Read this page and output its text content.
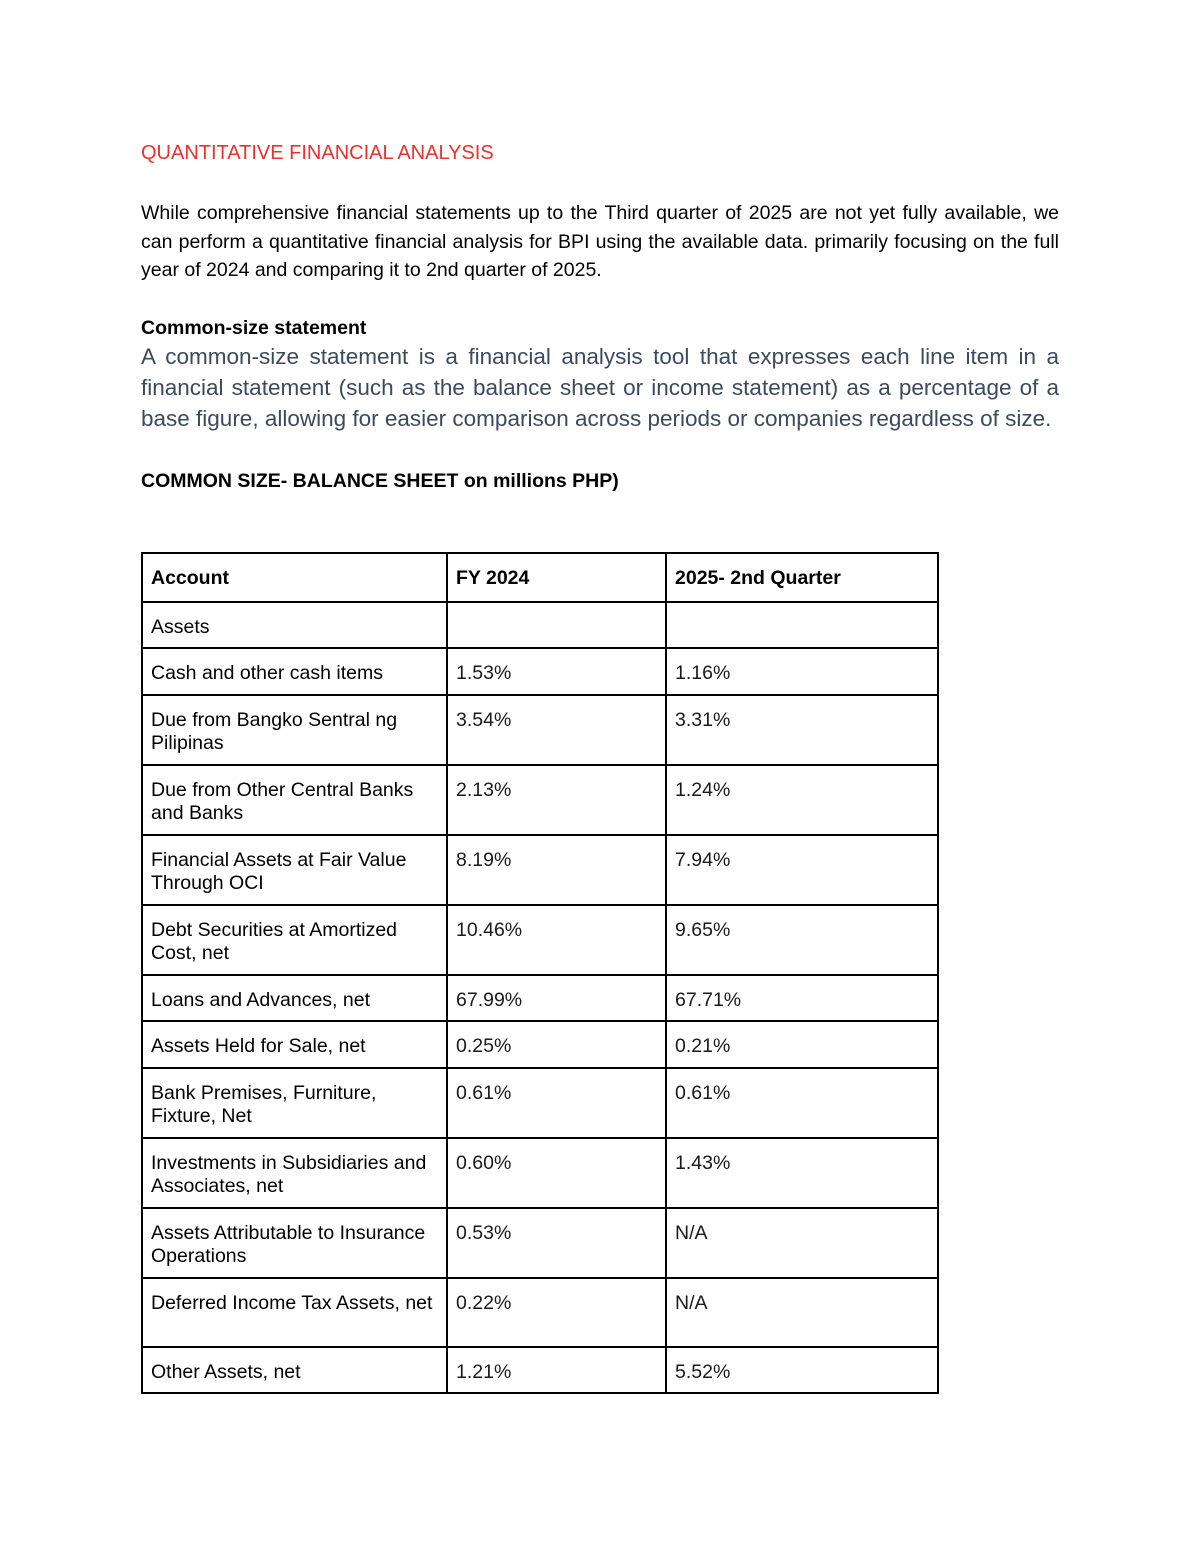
QUANTITATIVE FINANCIAL ANALYSIS

While comprehensive financial statements up to the Third quarter of 2025 are not yet fully available, we can perform a quantitative financial analysis for BPI using the available data. primarily focusing on the full year of 2024 and comparing it to 2nd quarter of 2025.

Common-size statement

A common-size statement is a financial analysis tool that expresses each line item in a financial statement (such as the balance sheet or income statement) as a percentage of a base figure, allowing for easier comparison across periods or companies regardless of size.

COMMON SIZE- BALANCE SHEET on millions PHP)
Account	FY 2024	2025- 2nd Quarter
Assets		
Cash and other cash items	1.53%	1.16%
Due from Bangko Sentral ng Pilipinas	3.54%	3.31%
Due from Other Central Banks and Banks	2.13%	1.24%
Financial Assets at Fair Value Through OCI	8.19%	7.94%
Debt Securities at Amortized Cost, net	10.46%	9.65%
Loans and Advances, net	67.99%	67.71%
Assets Held for Sale, net	0.25%	0.21%
Bank Premises, Furniture, Fixture, Net	0.61%	0.61%
Investments in Subsidiaries and Associates, net	0.60%	1.43%
Assets Attributable to Insurance Operations	0.53%	N/A
Deferred Income Tax Assets, net	0.22%	N/A
Other Assets, net	1.21%	5.52%
